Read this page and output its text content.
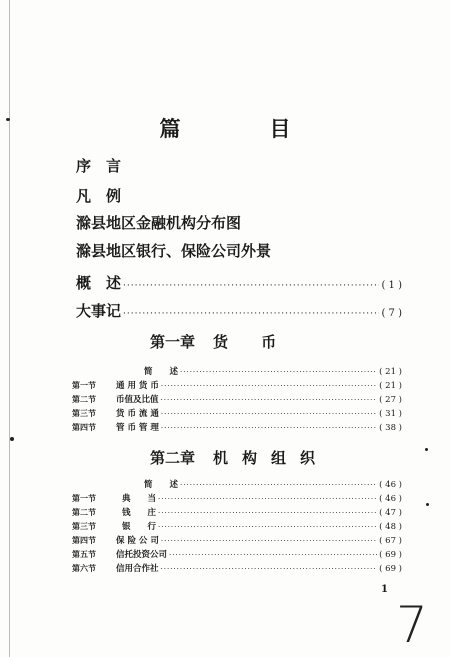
篇　目
序　言
凡　例
滁县地区金融机构分布图
滁县地区银行、保险公司外景
概　述 ·····	( 1 )
大事记 ·····	( 7 )
第一章 货 币
简　　述 ·····	( 21 )
第一节	通 用 货 币 ·····	( 21 )
第二节	币值及比值 ·····	( 27 )
第三节	货 币 流 通 ·····	( 31 )
第四节	管 币 管 理 ·····	( 38 )
第二章 机构组织
简　　述 ·····	( 46 )
第一节	典　　当 ·····	( 46 )
第二节	钱　　庄 ·····	( 47 )
第三节	银　　行 ·····	( 48 )
第四节	保 险 公 司 ·····	( 67 )
第五节	信托投资公司 ·····	( 69 )
第六节	信用合作社 ·····	( 69 )
1
7
